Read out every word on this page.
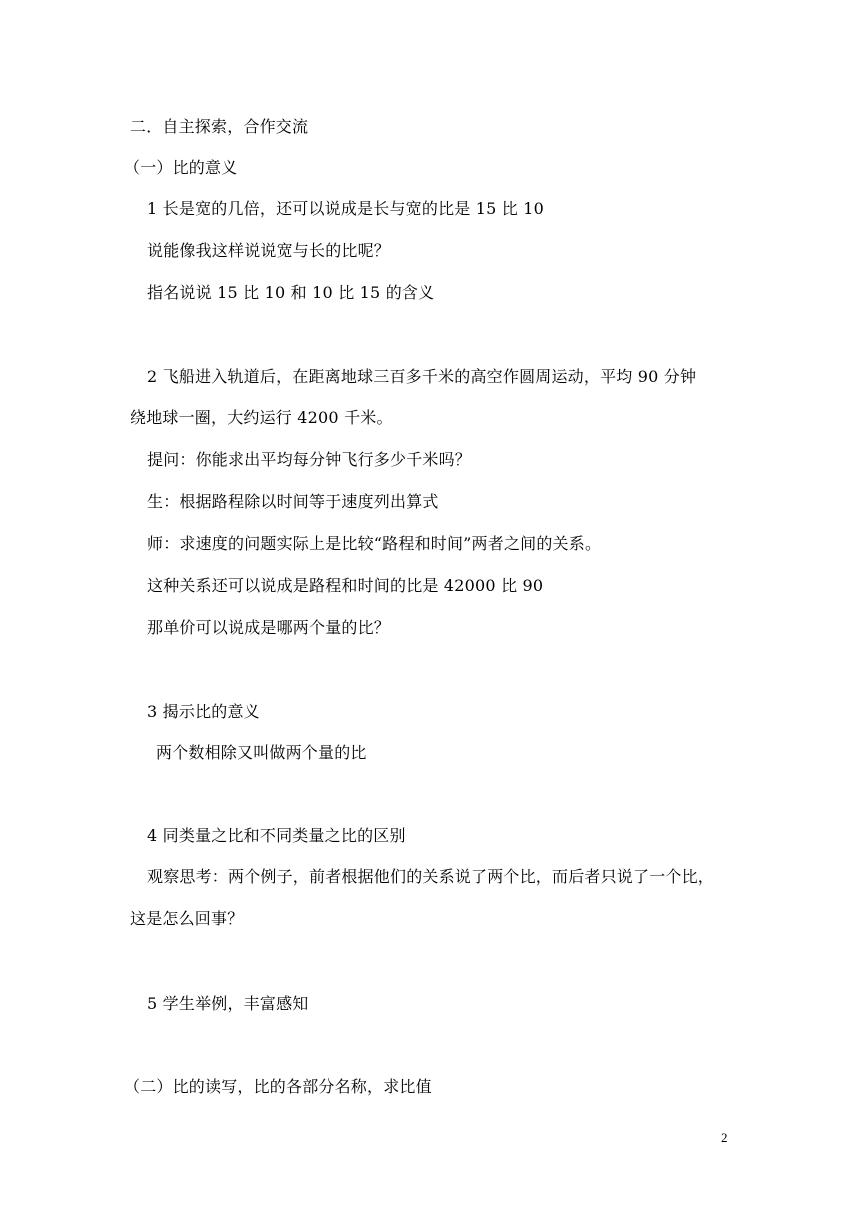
二．自主探索，合作交流
（一）比的意义
1 长是宽的几倍，还可以说成是长与宽的比是 15 比 10
说能像我这样说说宽与长的比呢？
指名说说 15 比 10 和 10 比 15 的含义
2 飞船进入轨道后，在距离地球三百多千米的高空作圆周运动，平均 90 分钟
绕地球一圈，大约运行 4200 千米。
提问：你能求出平均每分钟飞行多少千米吗？
生：根据路程除以时间等于速度列出算式
师：求速度的问题实际上是比较“路程和时间”两者之间的关系。
这种关系还可以说成是路程和时间的比是 42000 比 90
那单价可以说成是哪两个量的比？
3 揭示比的意义
两个数相除又叫做两个量的比
4 同类量之比和不同类量之比的区别
观察思考：两个例子，前者根据他们的关系说了两个比，而后者只说了一个比，
这是怎么回事？
5 学生举例，丰富感知
（二）比的读写，比的各部分名称，求比值
2
